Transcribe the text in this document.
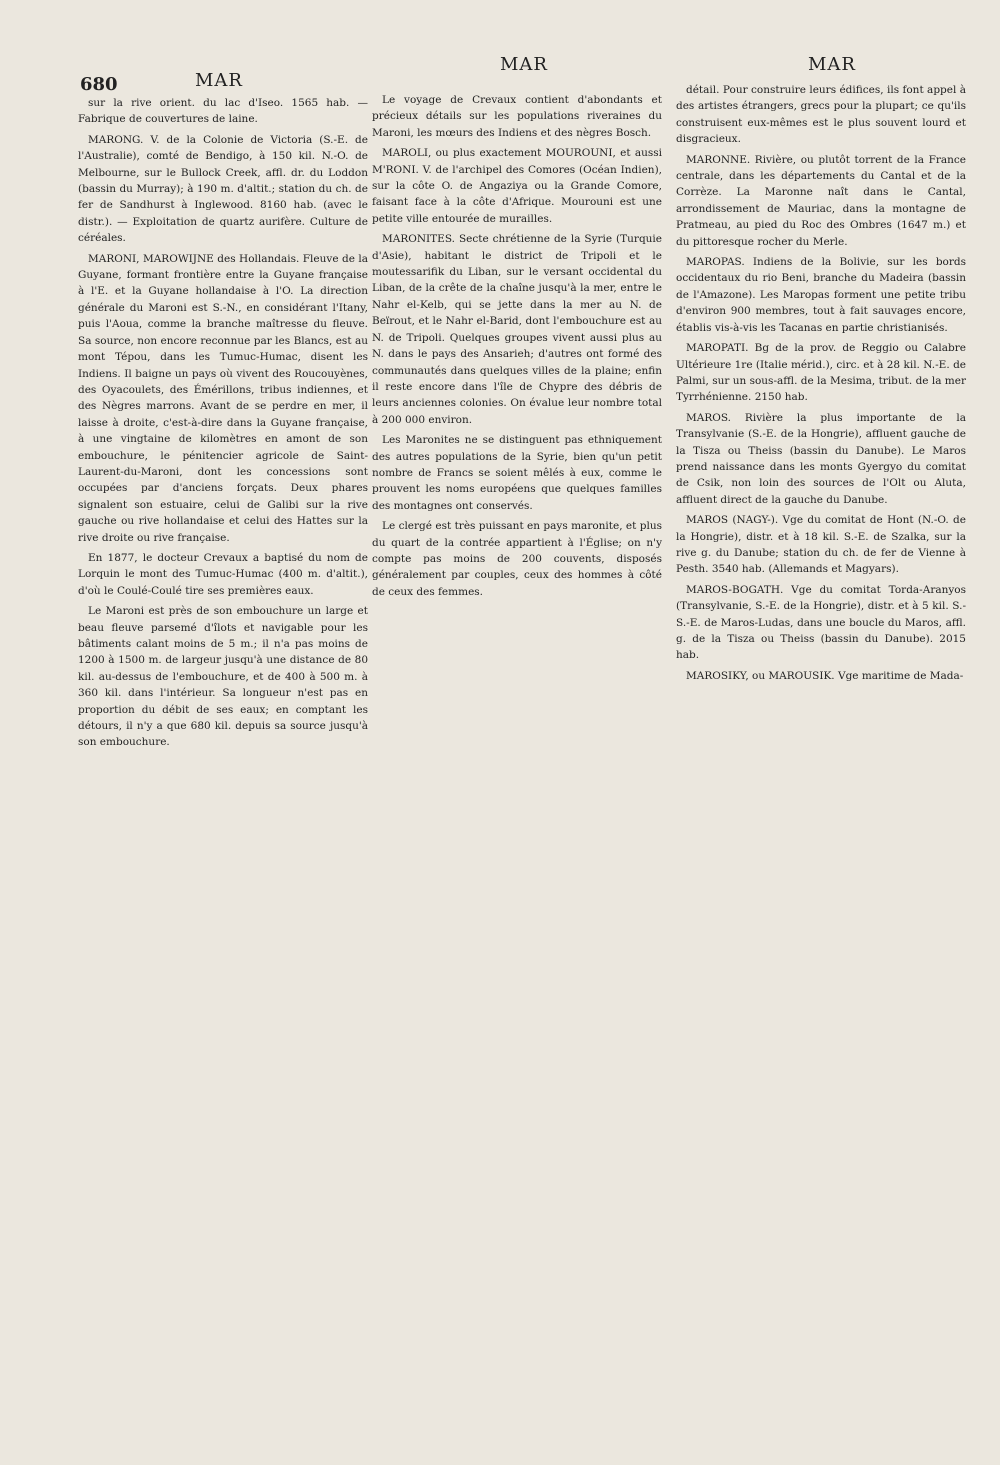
680	MAR
MAR	MAR

sur la rive orient. du lac d'Iseo. 1565 hab. — Fabrique de couvertures de laine.

MARONG. V. de la Colonie de Victoria (S.-E. de l'Australie), comté de Bendigo, à 150 kil. N.-O. de Melbourne, sur le Bullock Creek, affl. dr. du Loddon (bassin du Murray); à 190 m. d'altit.; station du ch. de fer de Sandhurst à Inglewood. 8160 hab. (avec le distr.). — Exploitation de quartz aurifère. Culture de céréales.

MARONI, MAROWIJNE des Hollandais. Fleuve de la Guyane, formant frontière entre la Guyane française à l'E. et la Guyane hollandaise à l'O. La direction générale du Maroni est S.-N., en considérant l'Itany, puis l'Aoua, comme la branche maîtresse du fleuve. Sa source, non encore reconnue par les Blancs, est au mont Tépou, dans les Tumuc-Humac, disent les Indiens. Il baigne un pays où vivent des Roucouyènes, des Oyacoulets, des Émérillons, tribus indiennes, et des Nègres marrons. Avant de se perdre en mer, il laisse à droite, c'est-à-dire dans la Guyane française, à une vingtaine de kilomètres en amont de son embouchure, le pénitencier agricole de Saint-Laurent-du-Maroni, dont les concessions sont occupées par d'anciens forçats. Deux phares signalent son estuaire, celui de Galibi sur la rive gauche ou rive hollandaise et celui des Hattes sur la rive droite ou rive française.

En 1877, le docteur Crevaux a baptisé du nom de Lorquin le mont des Tumuc-Humac (400 m. d'altit.), d'où le Coulé-Coulé tire ses premières eaux.

Le Maroni est près de son embouchure un large et beau fleuve parsemé d'îlots et navigable pour les bâtiments calant moins de 5 m.; il n'a pas moins de 1200 à 1500 m. de largeur jusqu'à une distance de 80 kil. au-dessus de l'embouchure, et de 400 à 500 m. à 360 kil. dans l'intérieur. Sa longueur n'est pas en proportion du débit de ses eaux; en comptant les détours, il n'y a que 680 kil. depuis sa source jusqu'à son embouchure.

Le voyage de Crevaux contient d'abondants et précieux détails sur les populations riveraines du Maroni, les mœurs des Indiens et des nègres Bosch.

MAROLI, ou plus exactement MOUROUNI, et aussi M'RONI. V. de l'archipel des Comores (Océan Indien), sur la côte O. de Angaziya ou la Grande Comore, faisant face à la côte d'Afrique. Mourouni est une petite ville entourée de murailles.

MARONITES. Secte chrétienne de la Syrie (Turquie d'Asie), habitant le district de Tripoli et le moutessarifik du Liban, sur le versant occidental du Liban, de la crête de la chaîne jusqu'à la mer, entre le Nahr el-Kelb, qui se jette dans la mer au N. de Beïrout, et le Nahr el-Barid, dont l'embouchure est au N. de Tripoli. Quelques groupes vivent aussi plus au N. dans le pays des Ansarieh; d'autres ont formé des communautés dans quelques villes de la plaine; enfin il reste encore dans l'île de Chypre des débris de leurs anciennes colonies. On évalue leur nombre total à 200 000 environ.

Les Maronites ne se distinguent pas ethniquement des autres populations de la Syrie, bien qu'un petit nombre de Francs se soient mêlés à eux, comme le prouvent les noms européens que quelques familles des montagnes ont conservés.

Le clergé est très puissant en pays maronite, et plus du quart de la contrée appartient à l'Église; on n'y compte pas moins de 200 couvents, disposés généralement par couples, ceux des hommes à côté de ceux des femmes.

détail. Pour construire leurs édifices, ils font appel à des artistes étrangers, grecs pour la plupart; ce qu'ils construisent eux-mêmes est le plus souvent lourd et disgracieux.

MARONNE. Rivière, ou plutôt torrent de la France centrale, dans les départements du Cantal et de la Corrèze. La Maronne naît dans le Cantal, arrondissement de Mauriac, dans la montagne de Pratmeau, au pied du Roc des Ombres (1647 m.) et du pittoresque rocher du Merle.

MAROPAS. Indiens de la Bolivie, sur les bords occidentaux du rio Beni, branche du Madeira (bassin de l'Amazone). Les Maropas forment une petite tribu d'environ 900 membres, tout à fait sauvages encore, établis vis-à-vis les Tacanas en partie christianisés.

MAROPATI. Bg de la prov. de Reggio ou Calabre Ultérieure 1re (Italie mérid.), circ. et à 28 kil. N.-E. de Palmi, sur un sous-affl. de la Mesima, tribut. de la mer Tyrrhénienne. 2150 hab.

MAROS. Rivière la plus importante de la Transylvanie (S.-E. de la Hongrie), affluent gauche de la Tisza ou Theiss (bassin du Danube). Le Maros prend naissance dans les monts Gyergyo du comitat de Csik, non loin des sources de l'Olt ou Aluta, affluent direct de la gauche du Danube.

MAROS (NAGY-). Vge du comitat de Hont (N.-O. de la Hongrie), distr. et à 18 kil. S.-E. de Szalka, sur la rive g. du Danube; station du ch. de fer de Vienne à Pesth. 3540 hab. (Allemands et Magyars).

MAROS-BOGATH. Vge du comitat Torda-Aranyos (Transylvanie, S.-E. de la Hongrie), distr. et à 5 kil. S.-S.-E. de Maros-Ludas, dans une boucle du Maros, affl. g. de la Tisza ou Theiss (bassin du Danube). 2015 hab.

MAROSIKY, ou MAROUSIK. Vge maritime de Mada-
